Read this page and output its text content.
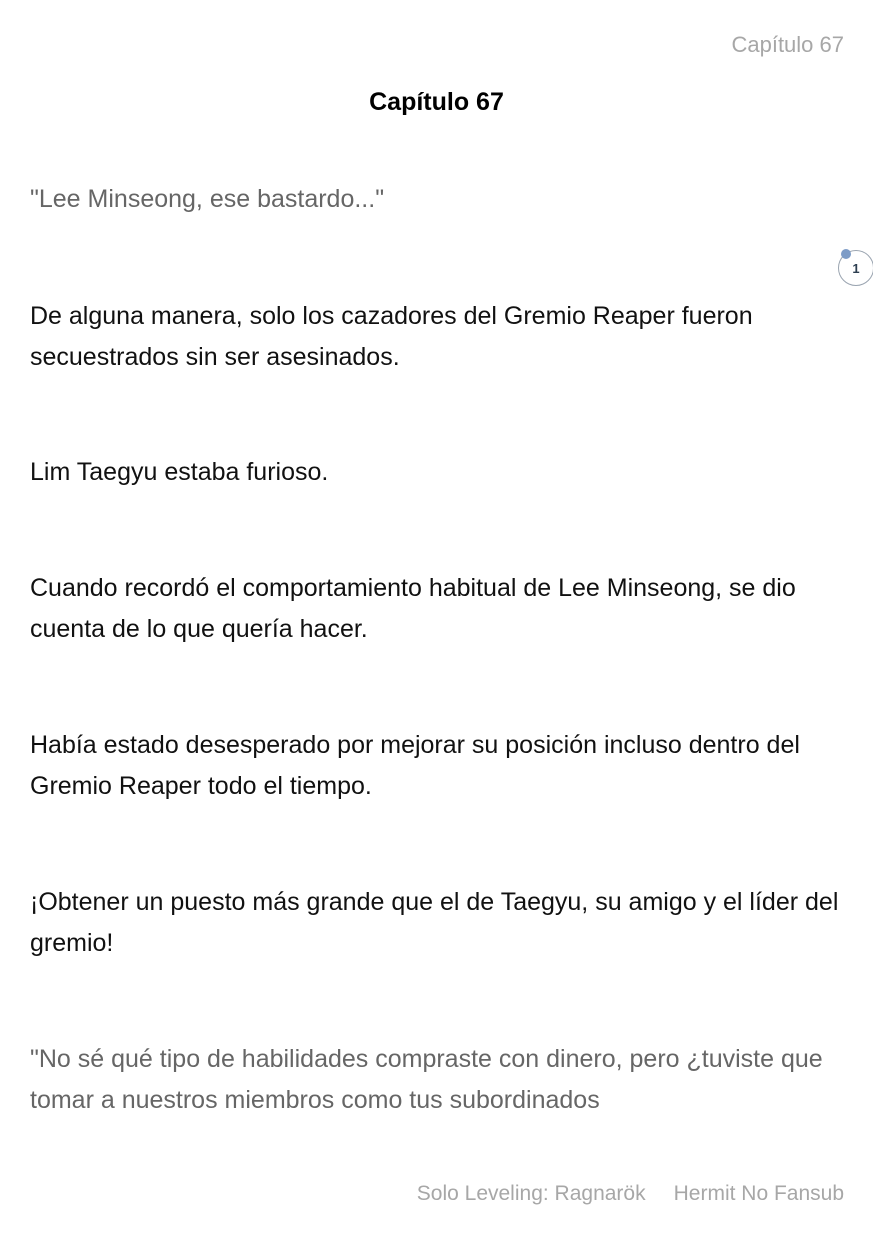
Capítulo 67
Capítulo 67

"Lee Minseong, ese bastardo..."

De alguna manera, solo los cazadores del Gremio Reaper fueron secuestrados sin ser asesinados.

Lim Taegyu estaba furioso.

Cuando recordó el comportamiento habitual de Lee Minseong, se dio cuenta de lo que quería hacer.

Había estado desesperado por mejorar su posición incluso dentro del Gremio Reaper todo el tiempo.

¡Obtener un puesto más grande que el de Taegyu, su amigo y el líder del gremio!

"No sé qué tipo de habilidades compraste con dinero, pero ¿tuviste que tomar a nuestros miembros como tus subordinados

1
Solo Leveling: Ragnarök Hermit No Fansub
